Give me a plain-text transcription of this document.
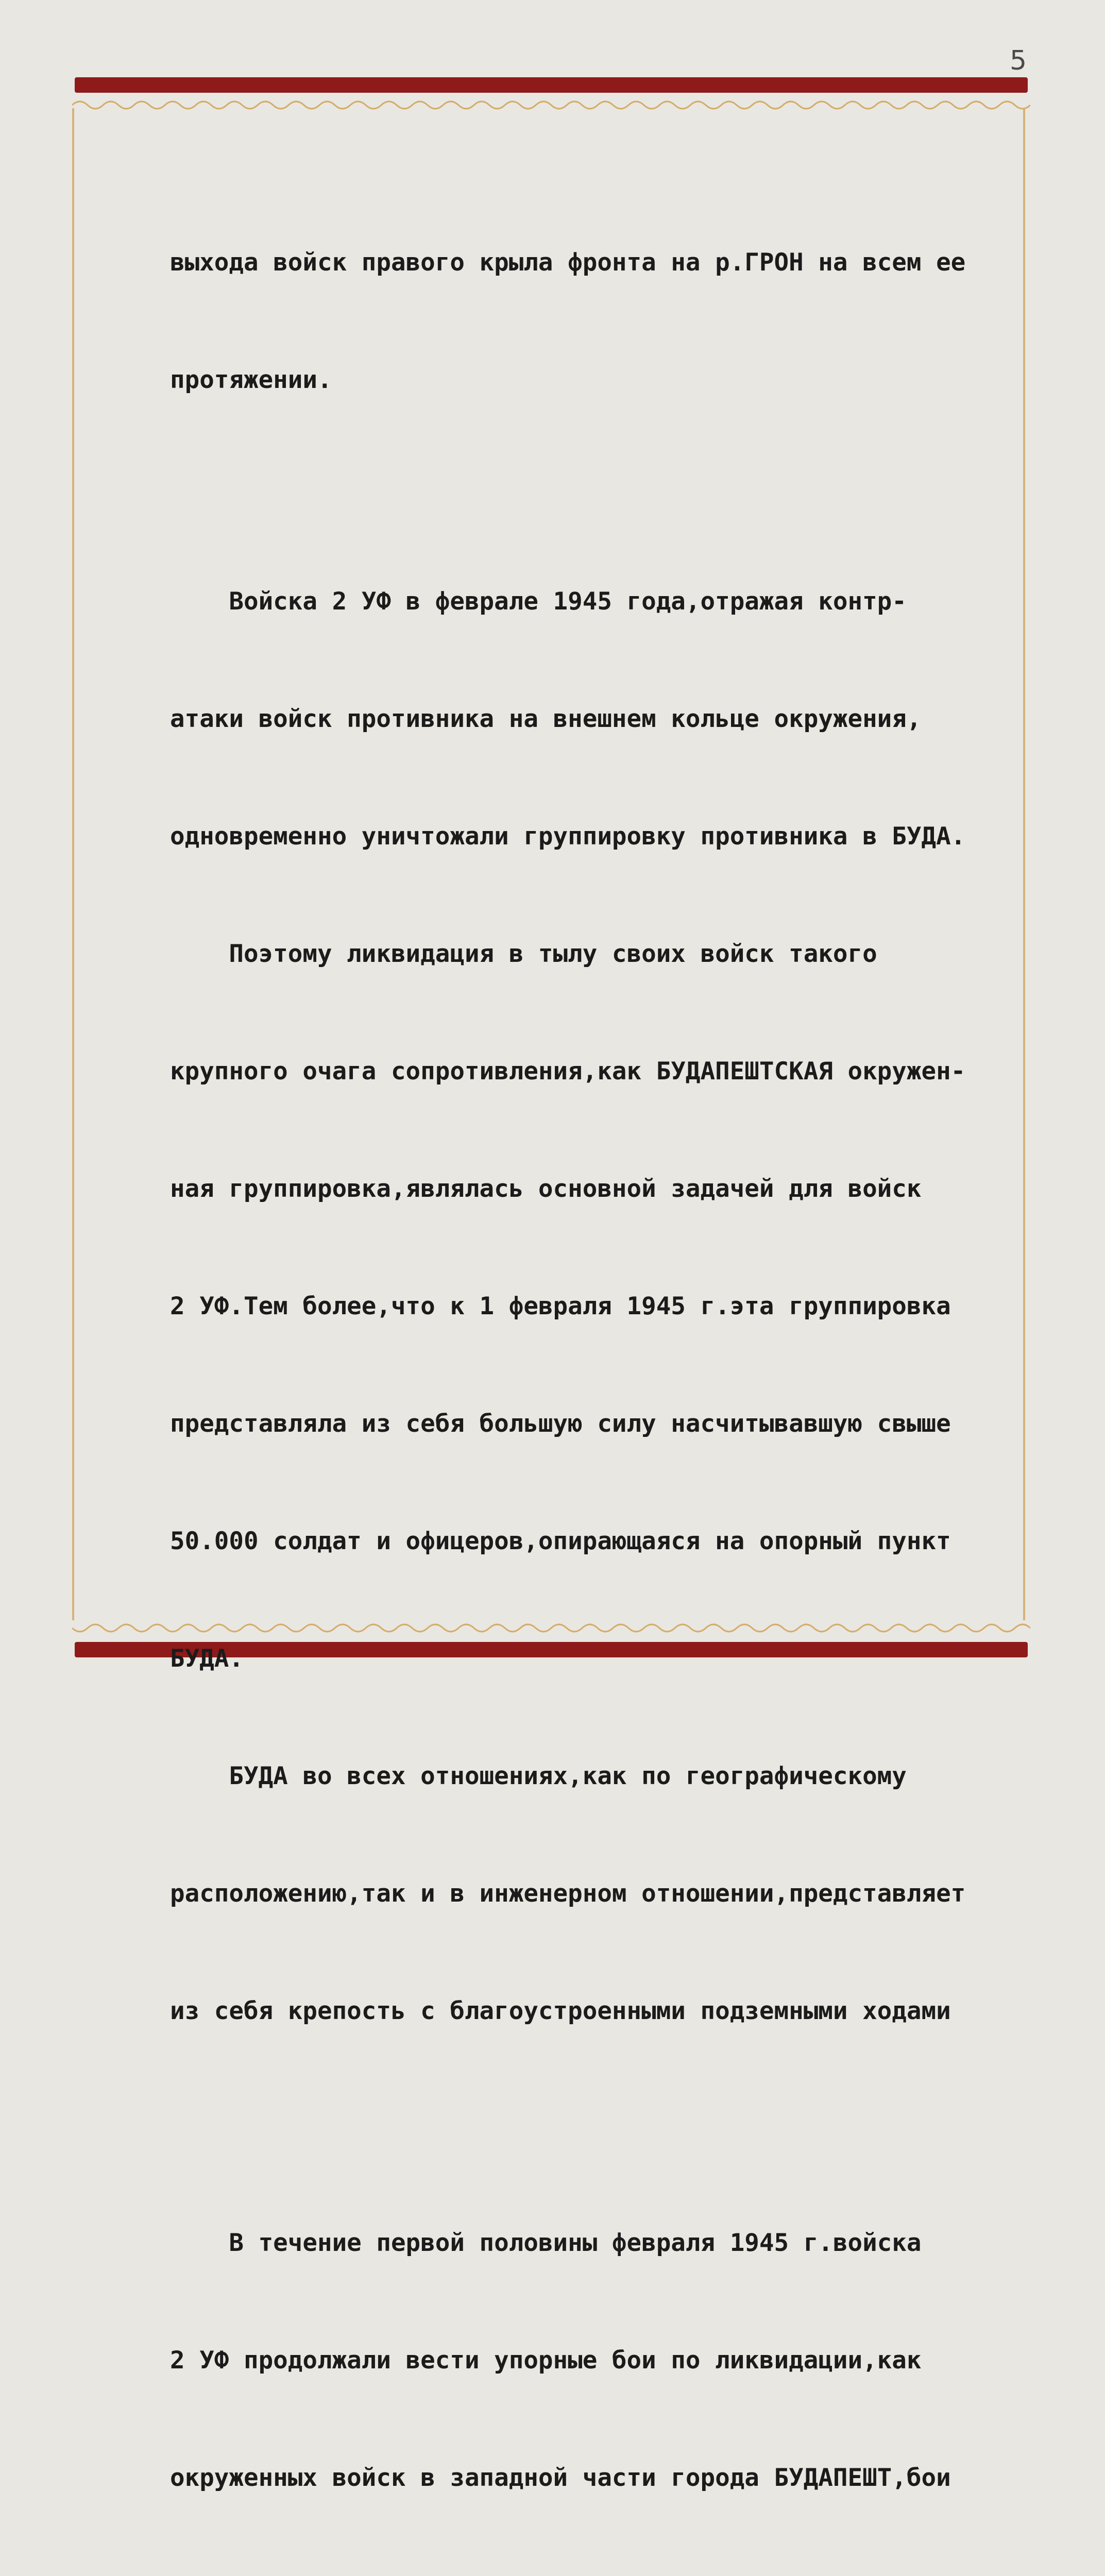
5

выхода войск правого крыла фронта на р.ГРОН на всем ее

протяжении.

Войска 2 УФ в феврале 1945 года,отражая контр-

атаки войск противника на внешнем кольце окружения,

одновременно уничтожали группировку противника в БУДА.

Поэтому ликвидация в тылу своих войск такого

крупного очага сопротивления,как БУДАПЕШТСКАЯ окружен-

ная группировка,являлась основной задачей для войск

2 УФ.Тем более,что к 1 февраля 1945 г.эта группировка

представляла из себя большую силу насчитывавшую свыше

50.000 солдат и офицеров,опирающаяся на опорный пункт

БУДА.

БУДА во всех отношениях,как по географическому

расположению,так и в инженерном отношении,представляет

из себя крепость с благоустроенными подземными ходами

В течение первой половины февраля 1945 г.войска

2 УФ продолжали вести упорные бои по ликвидации,как

окруженных войск в западной части города БУДАПЕШТ,бои
